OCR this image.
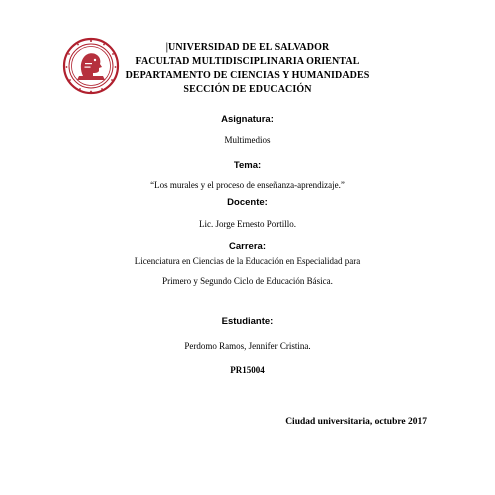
|UNIVERSIDAD DE EL SALVADOR
FACULTAD MULTIDISCIPLINARIA ORIENTAL
DEPARTAMENTO DE CIENCIAS Y HUMANIDADES
SECCIÓN DE EDUCACIÓN
Asignatura:
Multimedios
Tema:
“Los murales y el proceso de enseñanza-aprendizaje.”
Docente:
Lic. Jorge Ernesto Portillo.
Carrera:
Licenciatura en Ciencias de la Educación en Especialidad para
Primero y Segundo Ciclo de Educación Básica.
Estudiante:
Perdomo Ramos, Jennifer Cristina.
PR15004
Ciudad universitaria, octubre 2017
